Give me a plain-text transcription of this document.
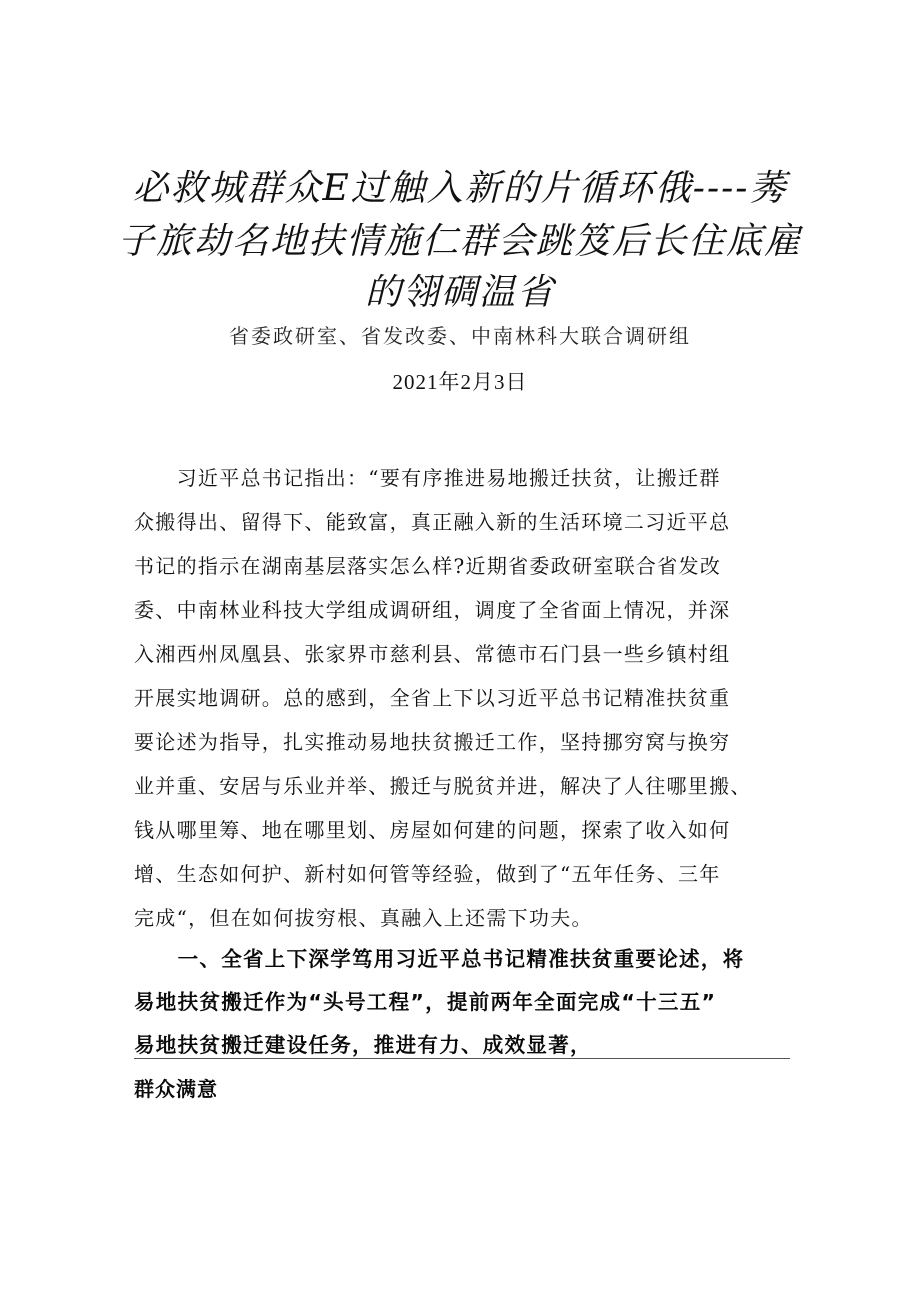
必救城群众E过触入新的片循环俄----莠
子旅劫名地扶情施仁群会跳笈后长住底雇
的翎碉温省
省委政研室、省发改委、中南林科大联合调研组
2021年2月3日
　　习近平总书记指出：“要有序推进易地搬迁扶贫，让搬迁群
众搬得出、留得下、能致富，真正融入新的生活环境二习近平总
书记的指示在湖南基层落实怎么样?近期省委政研室联合省发改
委、中南林业科技大学组成调研组，调度了全省面上情况，并深
入湘西州凤凰县、张家界市慈利县、常德市石门县一些乡镇村组
开展实地调研。总的感到，全省上下以习近平总书记精准扶贫重
要论述为指导，扎实推动易地扶贫搬迁工作，坚持挪穷窝与换穷
业并重、安居与乐业并举、搬迁与脱贫并进，解决了人往哪里搬、
钱从哪里筹、地在哪里划、房屋如何建的问题，探索了收入如何
增、生态如何护、新村如何管等经验，做到了“五年任务、三年
完成“，但在如何拔穷根、真融入上还需下功夫。
　　一、全省上下深学笃用习近平总书记精准扶贫重要论述，将
易地扶贫搬迁作为“头号工程”，提前两年全面完成“十三五”
易地扶贫搬迁建设任务，推进有力、成效显著，
群众满意
